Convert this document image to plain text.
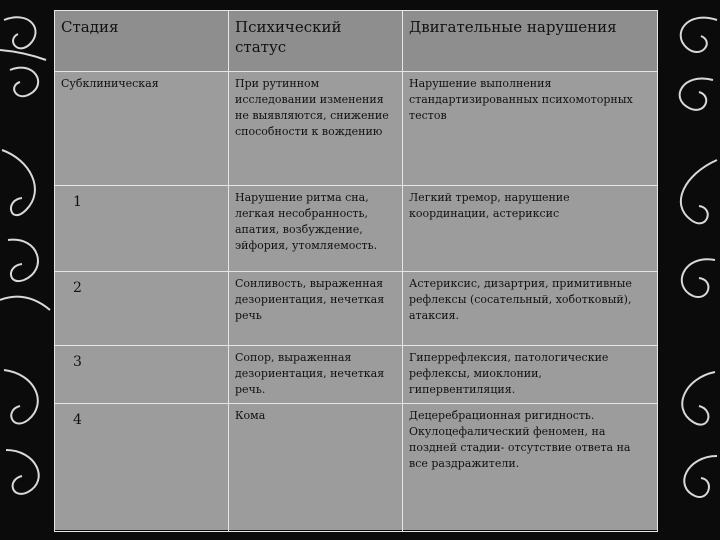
Стадия	Психический статус	Двигательные нарушения
Субклиническая	При рутинном исследовании изменения не выявляются, снижение способности к вождению	Нарушение выполнения стандартизированных психомоторных тестов
1	Нарушение ритма сна, легкая несобранность, апатия, возбуждение, эйфория, утомляемость.	Легкий тремор, нарушение координации, астериксис
2	Сонливость, выраженная дезориентация, нечеткая речь	Астериксис, дизартрия, примитивные рефлексы (сосательный, хоботковый), атаксия.
3	Сопор, выраженная дезориентация, нечеткая речь.	Гиперрефлексия, патологические рефлексы, миоклонии, гипервентиляция.
4	Кома	Децеребрационная ригидность. Окулоцефалический феномен, на поздней стадии- отсутствие ответа на все раздражители.
